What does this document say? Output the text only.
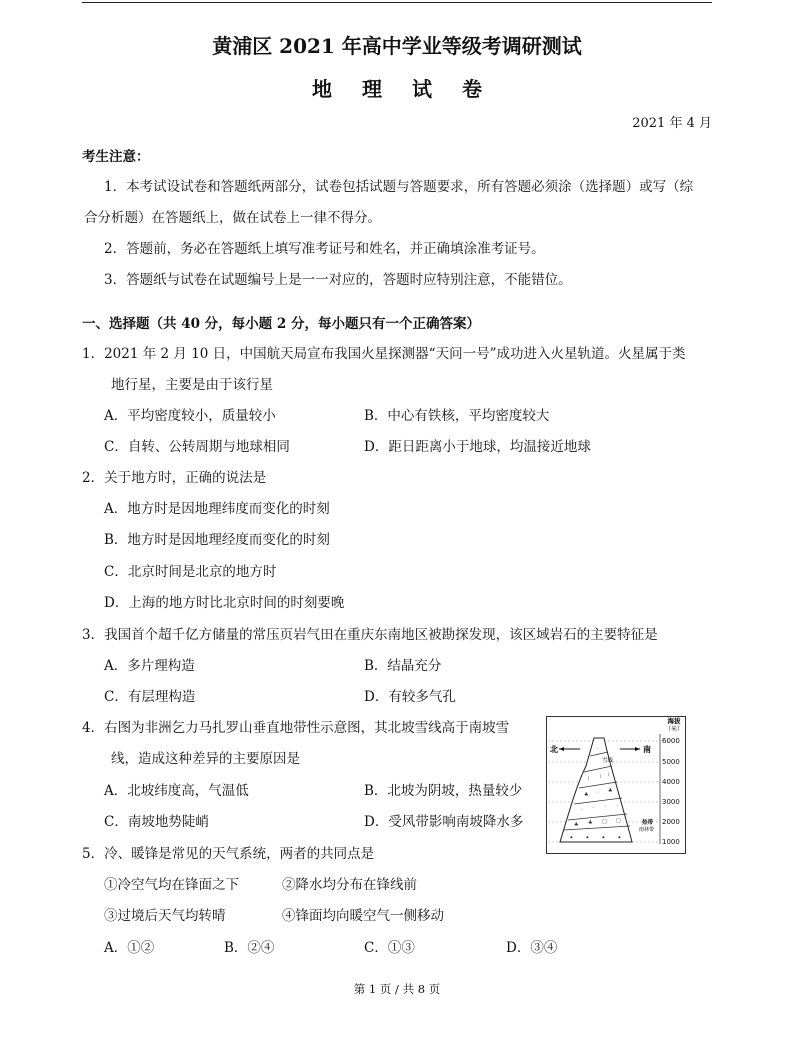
黄浦区 2021 年高中学业等级考调研测试
地理试卷
2021 年 4 月
考生注意：
1．本考试设试卷和答题纸两部分，试卷包括试题与答题要求，所有答题必须涂（选择题）或写（综
合分析题）在答题纸上，做在试卷上一律不得分。
2．答题前，务必在答题纸上填写准考证号和姓名，并正确填涂准考证号。
3．答题纸与试卷在试题编号上是一一对应的，答题时应特别注意，不能错位。
一、选择题（共 40 分，每小题 2 分，每小题只有一个正确答案）
1．2021 年 2 月 10 日，中国航天局宣布我国火星探测器“天问一号”成功进入火星轨道。火星属于类
地行星，主要是由于该行星
A．平均密度较小，质量较小	B．中心有铁核，平均密度较大
C．自转、公转周期与地球相同	D．距日距离小于地球，均温接近地球
2．关于地方时，正确的说法是
A．地方时是因地理纬度而变化的时刻
B．地方时是因地理经度而变化的时刻
C．北京时间是北京的地方时
D．上海的地方时比北京时间的时刻要晚
3．我国首个超千亿方储量的常压页岩气田在重庆东南地区被勘探发现，该区域岩石的主要特征是
A．多片理构造	B．结晶充分
C．有层理构造	D．有较多气孔
4．右图为非洲乞力马扎罗山垂直地带性示意图，其北坡雪线高于南坡雪
线，造成这种差异的主要原因是
A．北坡纬度高，气温低	B．北坡为阴坡，热量较少
C．南坡地势陡峭	D．受风带影响南坡降水多
海拔
（米）
6000
5000
4000
3000
2000
1000
北	南
雪线
◦
⁞ ⁞ ⁞
♣ ◦ ♣
◦ ◦ ◦ ◦
♣ ♣ □ □
▴	▴	▴	▴
热带
雨林带
5．冷、暖锋是常见的天气系统，两者的共同点是
①冷空气均在锋面之下	②降水均分布在锋线前
③过境后天气均转晴	④锋面均向暖空气一侧移动
A．①②	B．②④	C．①③	D．③④
第 1 页 / 共 8 页
